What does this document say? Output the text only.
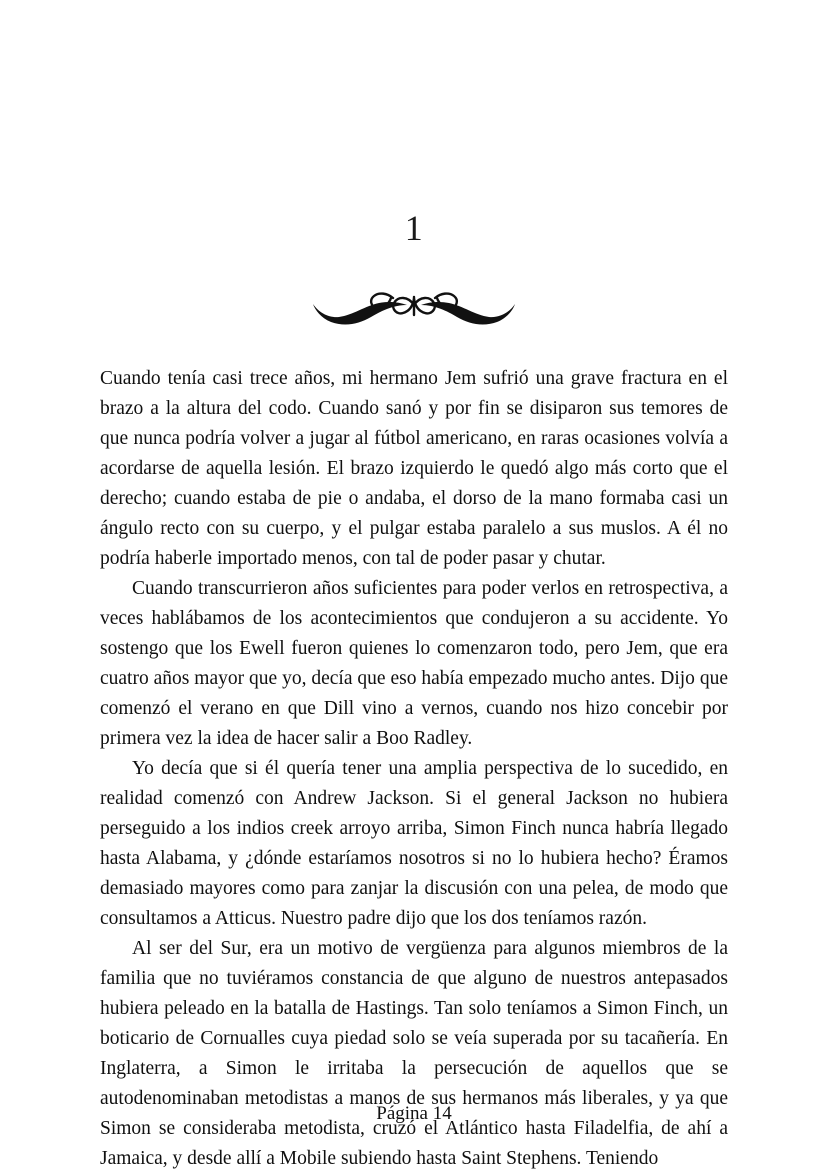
1

Cuando tenía casi trece años, mi hermano Jem sufrió una grave fractura en el brazo a la altura del codo. Cuando sanó y por fin se disiparon sus temores de que nunca podría volver a jugar al fútbol americano, en raras ocasiones volvía a acordarse de aquella lesión. El brazo izquierdo le quedó algo más corto que el derecho; cuando estaba de pie o andaba, el dorso de la mano formaba casi un ángulo recto con su cuerpo, y el pulgar estaba paralelo a sus muslos. A él no podría haberle importado menos, con tal de poder pasar y chutar.

Cuando transcurrieron años suficientes para poder verlos en retrospectiva, a veces hablábamos de los acontecimientos que condujeron a su accidente. Yo sostengo que los Ewell fueron quienes lo comenzaron todo, pero Jem, que era cuatro años mayor que yo, decía que eso había empezado mucho antes. Dijo que comenzó el verano en que Dill vino a vernos, cuando nos hizo concebir por primera vez la idea de hacer salir a Boo Radley.

Yo decía que si él quería tener una amplia perspectiva de lo sucedido, en realidad comenzó con Andrew Jackson. Si el general Jackson no hubiera perseguido a los indios creek arroyo arriba, Simon Finch nunca habría llegado hasta Alabama, y ¿dónde estaríamos nosotros si no lo hubiera hecho? Éramos demasiado mayores como para zanjar la discusión con una pelea, de modo que consultamos a Atticus. Nuestro padre dijo que los dos teníamos razón.

Al ser del Sur, era un motivo de vergüenza para algunos miembros de la familia que no tuviéramos constancia de que alguno de nuestros antepasados hubiera peleado en la batalla de Hastings. Tan solo teníamos a Simon Finch, un boticario de Cornualles cuya piedad solo se veía superada por su tacañería. En Inglaterra, a Simon le irritaba la persecución de aquellos que se autodenominaban metodistas a manos de sus hermanos más liberales, y ya que Simon se consideraba metodista, cruzó el Atlántico hasta Filadelfia, de ahí a Jamaica, y desde allí a Mobile subiendo hasta Saint Stephens. Teniendo

Página 14
